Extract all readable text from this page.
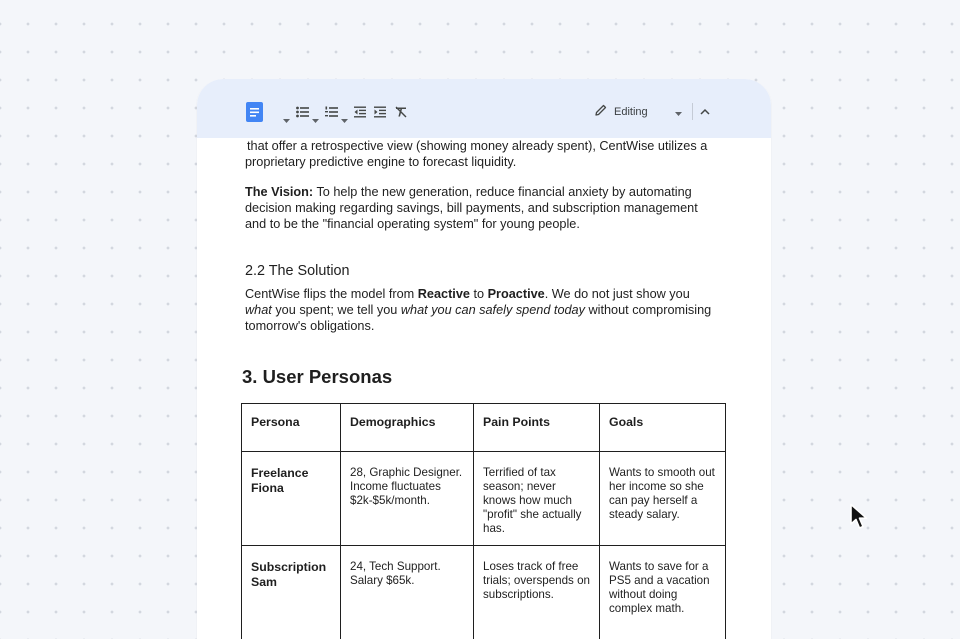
Editing

that offer a retrospective view (showing money already spent), CentWise utilizes a
proprietary predictive engine to forecast liquidity.

The Vision: To help the new generation, reduce financial anxiety by automating decision making regarding savings, bill payments, and subscription management and to be the "financial operating system" for young people.

CentWise flips the model from Reactive to Proactive. We do not just show you what you spent; we tell you what you can safely spend today without compromising tomorrow's obligations.

2.2 The Solution
3. User Personas
Persona	Demographics	Pain Points	Goals
Freelance Fiona	28, Graphic Designer. Income fluctuates $2k-$5k/month.	Terrified of tax season; never knows how much "profit" she actually has.	Wants to smooth out her income so she can pay herself a steady salary.
Subscription Sam	24, Tech Support. Salary $65k.	Loses track of free trials; overspends on subscriptions.	Wants to save for a PS5 and a vacation without doing complex math.
